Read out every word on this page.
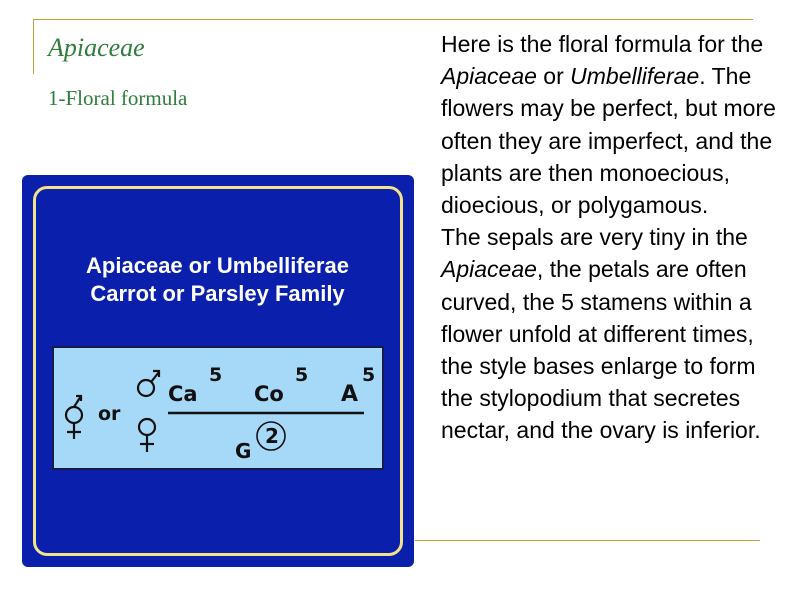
Apiaceae
1-Floral formula

Here is the floral formula for the Apiaceae or Umbelliferae. The flowers may be perfect, but more often they are imperfect, and the plants are then monoecious, dioecious, or polygamous.

The sepals are very tiny in the Apiaceae, the petals are often curved, the 5 stamens within a flower unfold at different times, the style bases enlarge to form the stylopodium that secretes nectar, and the ovary is inferior.

Apiaceae or Umbelliferae
Carrot or Parsley Family
or
Ca
5
Co
5
A
5
G
2
